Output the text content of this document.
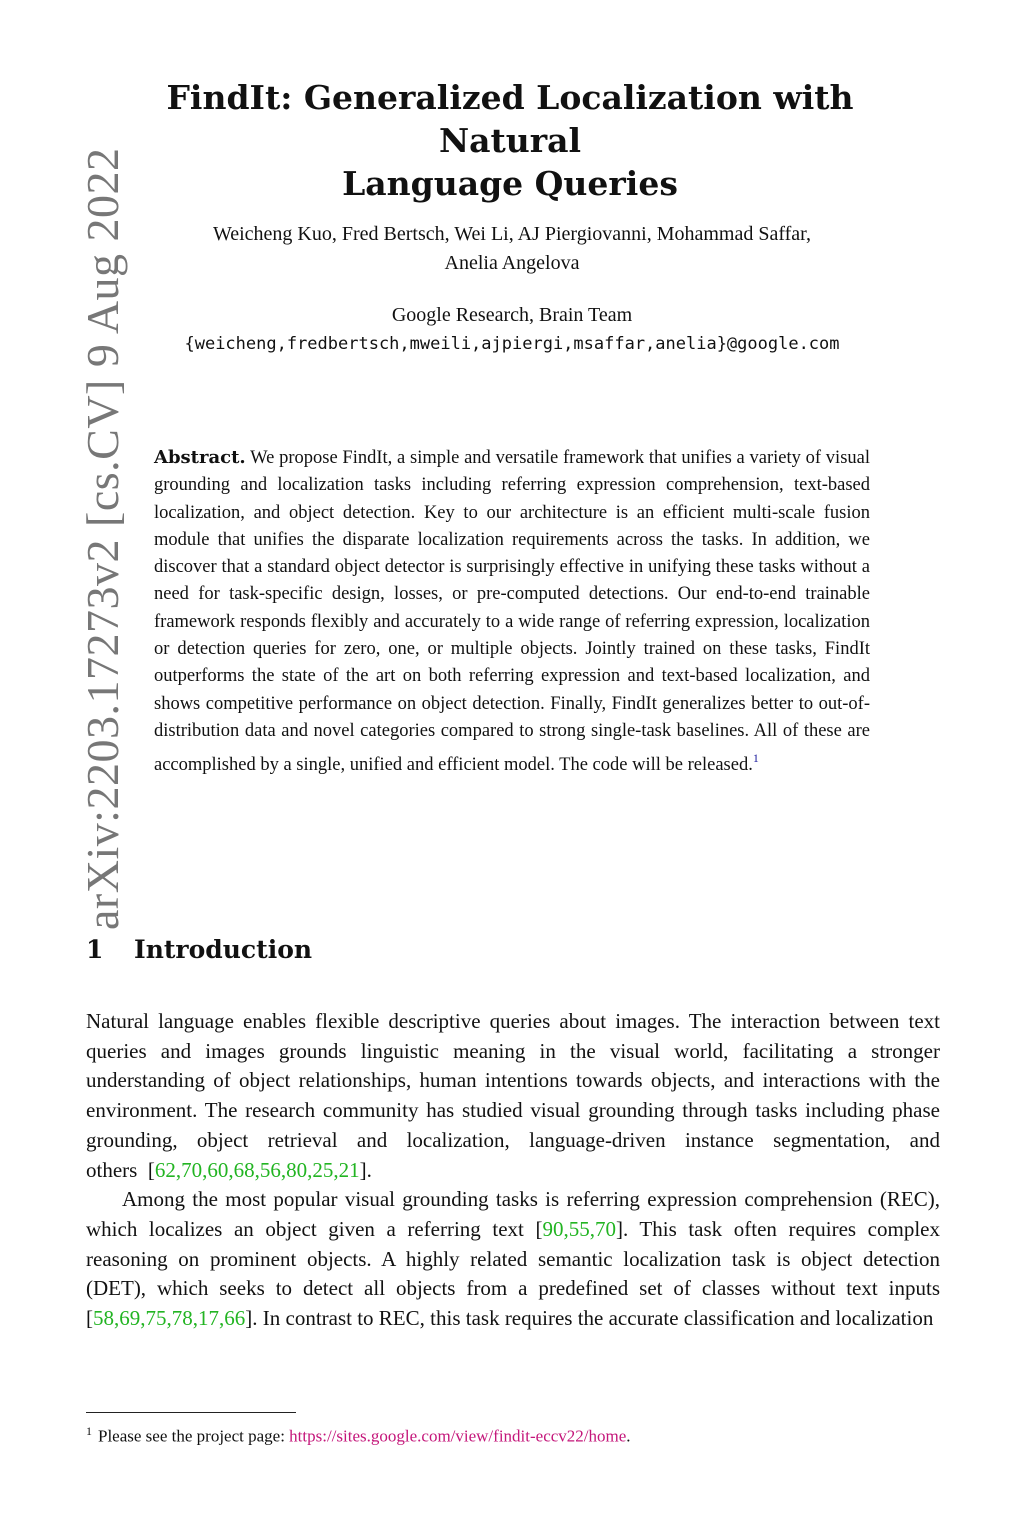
arXiv:2203.17273v2 [cs.CV] 9 Aug 2022
FindIt: Generalized Localization with Natural
Language Queries
Weicheng Kuo, Fred Bertsch, Wei Li, AJ Piergiovanni, Mohammad Saffar,
Anelia Angelova
Google Research, Brain Team
{weicheng,fredbertsch,mweili,ajpiergi,msaffar,anelia}@google.com

Abstract. We propose FindIt, a simple and versatile framework that unifies a variety of visual grounding and localization tasks including referring expression comprehension, text-based localization, and object detection. Key to our architecture is an efficient multi-scale fusion module that unifies the disparate localization requirements across the tasks. In addition, we discover that a standard object detector is surprisingly effective in unifying these tasks without a need for task-specific design, losses, or pre-computed detections. Our end-to-end trainable framework responds flexibly and accurately to a wide range of referring expression, localization or detection queries for zero, one, or multiple objects. Jointly trained on these tasks, FindIt outperforms the state of the art on both referring expression and text-based localization, and shows competitive performance on object detection. Finally, FindIt generalizes better to out-of-distribution data and novel categories compared to strong single-task baselines. All of these are accomplished by a single, unified and efficient model. The code will be released.$^1$

1 Introduction

Natural language enables flexible descriptive queries about images. The interaction between text queries and images grounds linguistic meaning in the visual world, facilitating a stronger understanding of object relationships, human intentions towards objects, and interactions with the environment. The research community has studied visual grounding through tasks including phase grounding, object retrieval and localization, language-driven instance segmentation, and others  [62,70,60,68,56,80,25,21].

Among the most popular visual grounding tasks is referring expression comprehension (REC), which localizes an object given a referring text [90,55,70]. This task often requires complex reasoning on prominent objects. A highly related semantic localization task is object detection (DET), which seeks to detect all objects from a predefined set of classes without text inputs [58,69,75,78,17,66]. In contrast to REC, this task requires the accurate classification and localization

$^1$ Please see the project page: https://sites.google.com/view/findit-eccv22/home.
